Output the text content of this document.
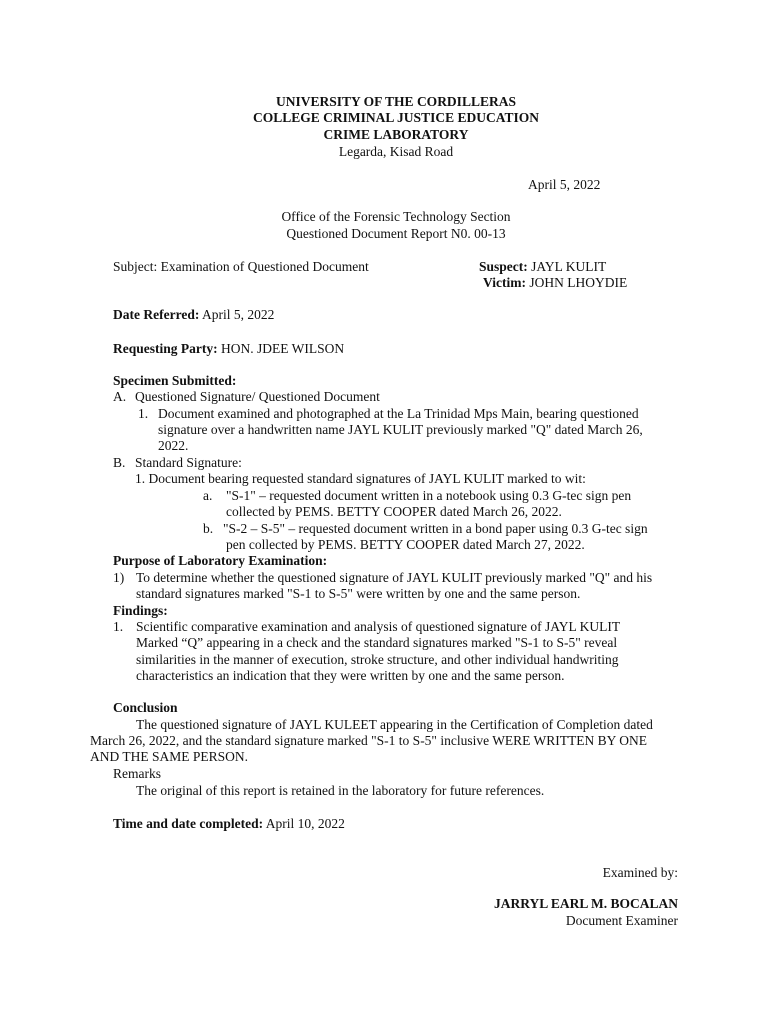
UNIVERSITY OF THE CORDILLERAS
COLLEGE CRIMINAL JUSTICE EDUCATION
CRIME LABORATORY
Legarda, Kisad Road
April 5, 2022
Office of the Forensic Technology Section
Questioned Document Report N0. 00-13
Subject: Examination of Questioned Document	Suspect: JAYL KULIT
Victim: JOHN LHOYDIE
Date Referred: April 5, 2022
Requesting Party: HON. JDEE WILSON
Specimen Submitted:
A. Questioned Signature/ Questioned Document
1. Document examined and photographed at the La Trinidad Mps Main, bearing questioned
signature over a handwritten name JAYL KULIT previously marked "Q" dated March 26,
2022.
B. Standard Signature:
1. Document bearing requested standard signatures of JAYL KULIT marked to wit:
a. "S-1" – requested document written in a notebook using 0.3 G-tec sign pen
collected by PEMS. BETTY COOPER dated March 26, 2022.
b. "S-2 – S-5" – requested document written in a bond paper using 0.3 G-tec sign
pen collected by PEMS. BETTY COOPER dated March 27, 2022.
Purpose of Laboratory Examination:
1) To determine whether the questioned signature of JAYL KULIT previously marked "Q" and his
standard signatures marked "S-1 to S-5" were written by one and the same person.
Findings:
1. Scientific comparative examination and analysis of questioned signature of JAYL KULIT
Marked “Q” appearing in a check and the standard signatures marked "S-1 to S-5" reveal
similarities in the manner of execution, stroke structure, and other individual handwriting
characteristics an indication that they were written by one and the same person.
Conclusion
The questioned signature of JAYL KULEET appearing in the Certification of Completion dated
March 26, 2022, and the standard signature marked "S-1 to S-5" inclusive WERE WRITTEN BY ONE
AND THE SAME PERSON.
Remarks
The original of this report is retained in the laboratory for future references.
Time and date completed: April 10, 2022
Examined by:
JARRYL EARL M. BOCALAN
Document Examiner
